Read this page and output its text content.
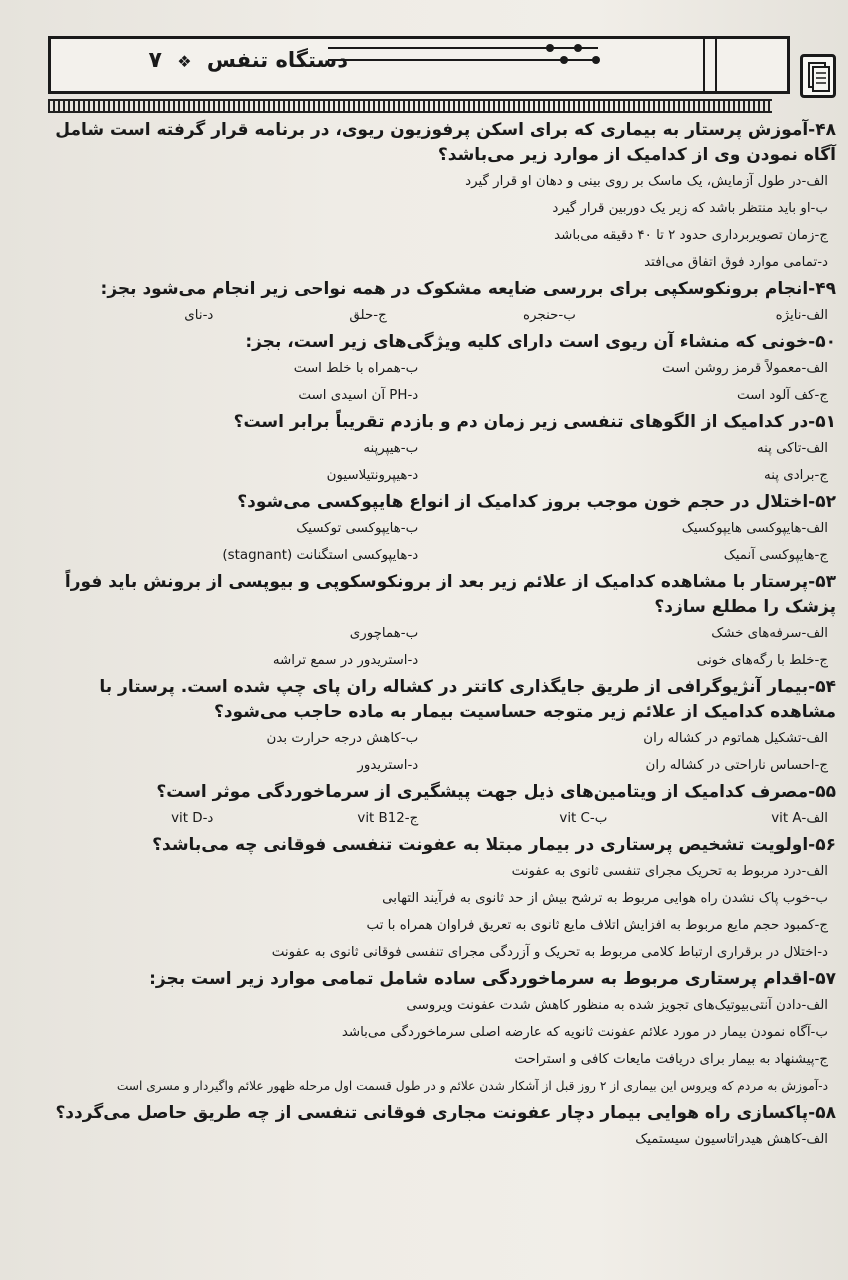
دستگاه تنفس ❖ ۷

۴۸-آموزش پرستار به بیماری که برای اسکن پرفوزیون ریوی، در برنامه قرار گرفته است شامل آگاه نمودن وی از کدامیک از موارد زیر می‌باشد؟

الف-در طول آزمایش، یک ماسک بر روی بینی و دهان او قرار گیرد
ب-او باید منتظر باشد که زیر یک دوربین قرار گیرد
ج-زمان تصویربرداری حدود ۲ تا ۴۰ دقیقه می‌باشد
د-تمامی موارد فوق اتفاق می‌افتد

۴۹-انجام برونکوسکپی برای بررسی ضایعه مشکوک در همه نواحی زیر انجام می‌شود بجز:

الف-نایژه
ب-حنجره
ج-حلق
د-نای

۵۰-خونی که منشاء آن ریوی است دارای کلیه ویژگی‌های زیر است، بجز:

الف-معمولاً قرمز روشن است
ب-همراه با خلط است
ج-کف آلود است
د-PH آن اسیدی است

۵۱-در کدامیک از الگوهای تنفسی زیر زمان دم و بازدم تقریباً برابر است؟

الف-تاکی پنه
ب-هیپرپنه
ج-برادی پنه
د-هیپرونتیلاسیون

۵۲-اختلال در حجم خون موجب بروز کدامیک از انواع هایپوکسی می‌شود؟

الف-هایپوکسی هایپوکسیک
ب-هایپوکسی توکسیک
ج-هایپوکسی آنمیک
د-هایپوکسی استگنانت (stagnant)

۵۳-پرستار با مشاهده کدامیک از علائم زیر بعد از برونکوسکوپی و بیوپسی از برونش باید فوراً پزشک را مطلع سازد؟

الف-سرفه‌های خشک
ب-هماچوری
ج-خلط با رگه‌های خونی
د-استریدور در سمع تراشه

۵۴-بیمار آنژیوگرافی از طریق جایگذاری کاتتر در کشاله ران پای چپ شده است. پرستار با مشاهده کدامیک از علائم زیر متوجه حساسیت بیمار به ماده حاجب می‌شود؟

الف-تشکیل هماتوم در کشاله ران
ب-کاهش درجه حرارت بدن
ج-احساس ناراحتی در کشاله ران
د-استریدور

۵۵-مصرف کدامیک از ویتامین‌های ذیل جهت پیشگیری از سرماخوردگی موثر است؟

الف-vit A
ب-vit C
ج-vit B12
د-vit D

۵۶-اولویت تشخیص پرستاری در بیمار مبتلا به عفونت تنفسی فوقانی چه می‌باشد؟

الف-درد مربوط به تحریک مجرای تنفسی ثانوی به عفونت
ب-خوب پاک نشدن راه هوایی مربوط به ترشح بیش از حد ثانوی به فرآیند التهابی
ج-کمبود حجم مایع مربوط به افزایش اتلاف مایع ثانوی به تعریق فراوان همراه با تب
د-اختلال در برقراری ارتباط کلامی مربوط به تحریک و آزردگی مجرای تنفسی فوقانی ثانوی به عفونت

۵۷-اقدام پرستاری مربوط به سرماخوردگی ساده شامل تمامی موارد زیر است بجز:

الف-دادن آنتی‌بیوتیک‌های تجویز شده به منظور کاهش شدت عفونت ویروسی
ب-آگاه نمودن بیمار در مورد علائم عفونت ثانویه که عارضه اصلی سرماخوردگی می‌باشد
ج-پیشنهاد به بیمار برای دریافت مایعات کافی و استراحت
د-آموزش به مردم که ویروس این بیماری از ۲ روز قبل از آشکار شدن علائم و در طول قسمت اول مرحله ظهور علائم واگیردار و مسری است

۵۸-پاکسازی راه هوایی بیمار دچار عفونت مجاری فوقانی تنفسی از چه طریق حاصل می‌گردد؟

الف-کاهش هیدراتاسیون سیستمیک
